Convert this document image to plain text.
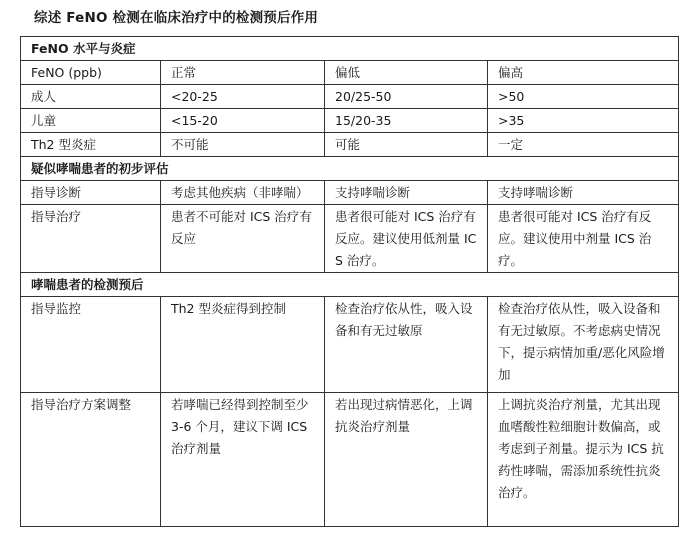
综述 FeNO 检测在临床治疗中的检测预后作用
FeNO 水平与炎症			
FeNO (ppb)	正常	偏低	偏高
成人	<20-25	20/25-50	>50
儿童	<15-20	15/20-35	>35
Th2 型炎症	不可能	可能	一定
疑似哮喘患者的初步评估			
指导诊断	考虑其他疾病（非哮喘）	支持哮喘诊断	支持哮喘诊断
指导治疗	患者不可能对 ICS 治疗有反应	患者很可能对 ICS 治疗有反应。建议使用低剂量 ICS 治疗。	患者很可能对 ICS 治疗有反应。建议使用中剂量 ICS 治疗。
哮喘患者的检测预后			
指导监控	Th2 型炎症得到控制	检查治疗依从性，吸入设备和有无过敏原	检查治疗依从性，吸入设备和有无过敏原。不考虑病史情况下，提示病情加重/恶化风险增加
指导治疗方案调整	若哮喘已经得到控制至少 3-6 个月，建议下调 ICS 治疗剂量	若出现过病情恶化，上调抗炎治疗剂量	上调抗炎治疗剂量，尤其出现血嗜酸性粒细胞计数偏高，或考虑到子剂量。提示为 ICS 抗药性哮喘，需添加系统性抗炎治疗。
